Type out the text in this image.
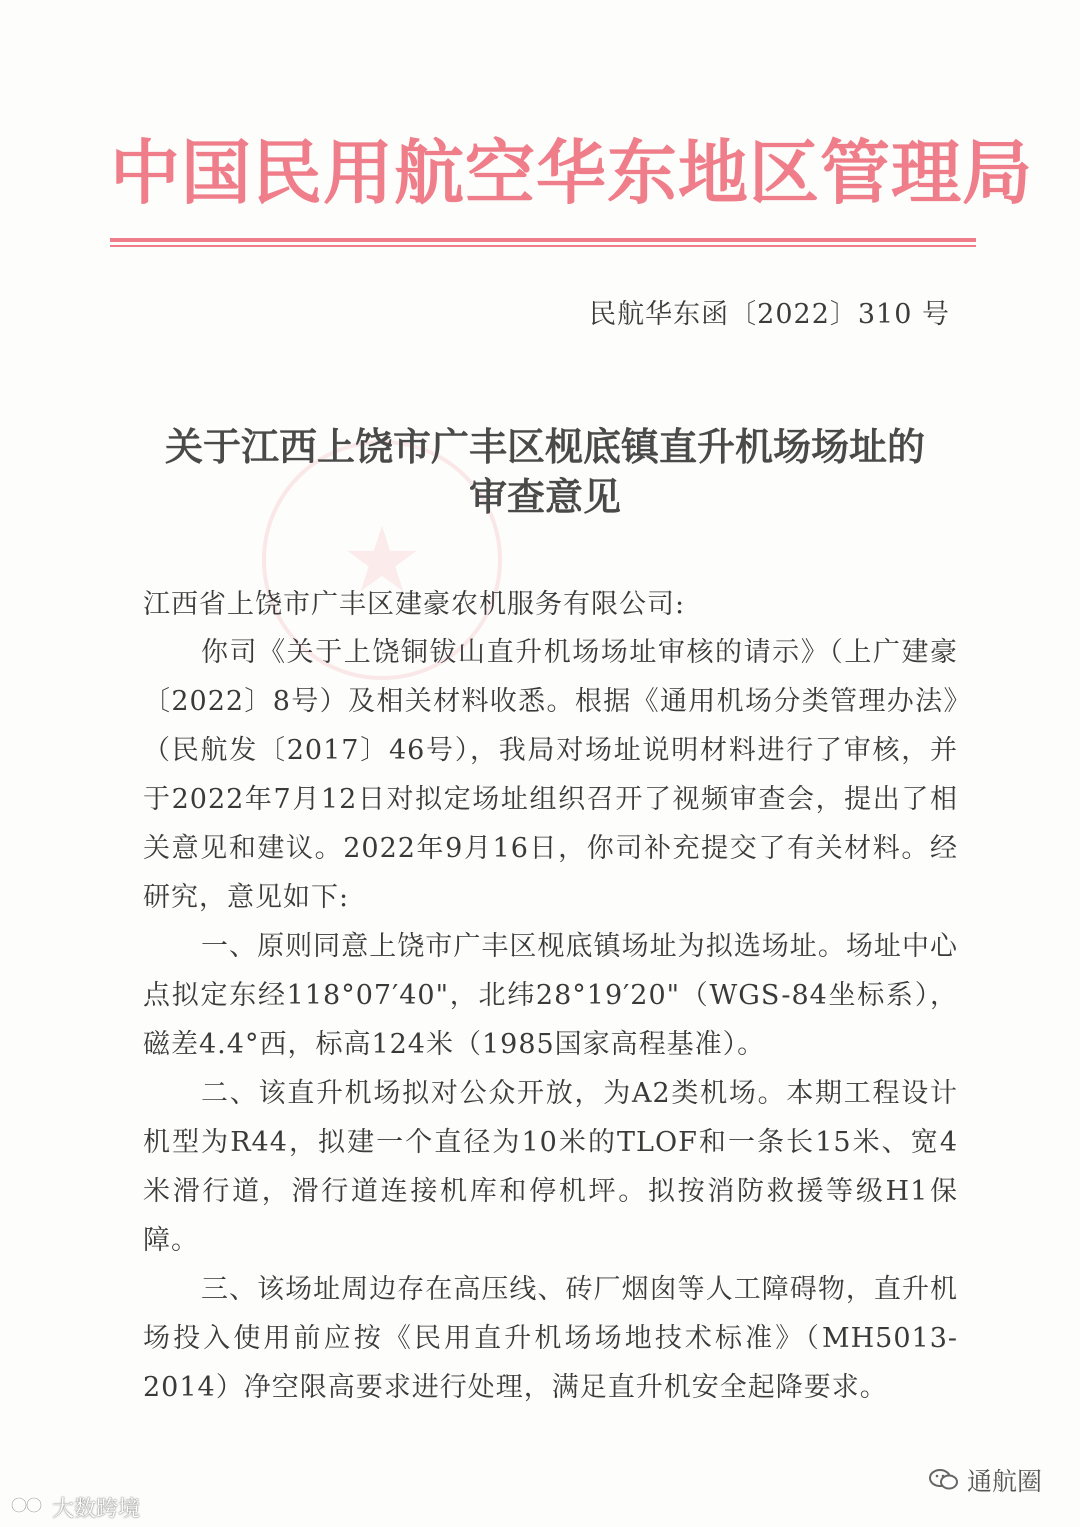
中国民用航空华东地区管理局
民航华东函〔2022〕310 号
★
关于江西上饶市广丰区枧底镇直升机场场址的
审查意见
江西省上饶市广丰区建豪农机服务有限公司:

你司《关于上饶铜钹山直升机场场址审核的请示》（上广建豪〔2022〕8号）及相关材料收悉。根据《通用机场分类管理办法》（民航发〔2017〕46号），我局对场址说明材料进行了审核，并于2022年7月12日对拟定场址组织召开了视频审查会，提出了相关意见和建议。2022年9月16日，你司补充提交了有关材料。经研究，意见如下:

一、原则同意上饶市广丰区枧底镇场址为拟选场址。场址中心点拟定东经118°07′40"，北纬28°19′20"（WGS-84坐标系），磁差4.4°西，标高124米（1985国家高程基准）。

二、该直升机场拟对公众开放，为A2类机场。本期工程设计机型为R44，拟建一个直径为10米的TLOF和一条长15米、宽4米滑行道，滑行道连接机库和停机坪。拟按消防救援等级H1保障。

三、该场址周边存在高压线、砖厂烟囱等人工障碍物，直升机场投入使用前应按《民用直升机场场地技术标准》（MH5013-2014）净空限高要求进行处理，满足直升机安全起降要求。

通航圈
大数跨境
